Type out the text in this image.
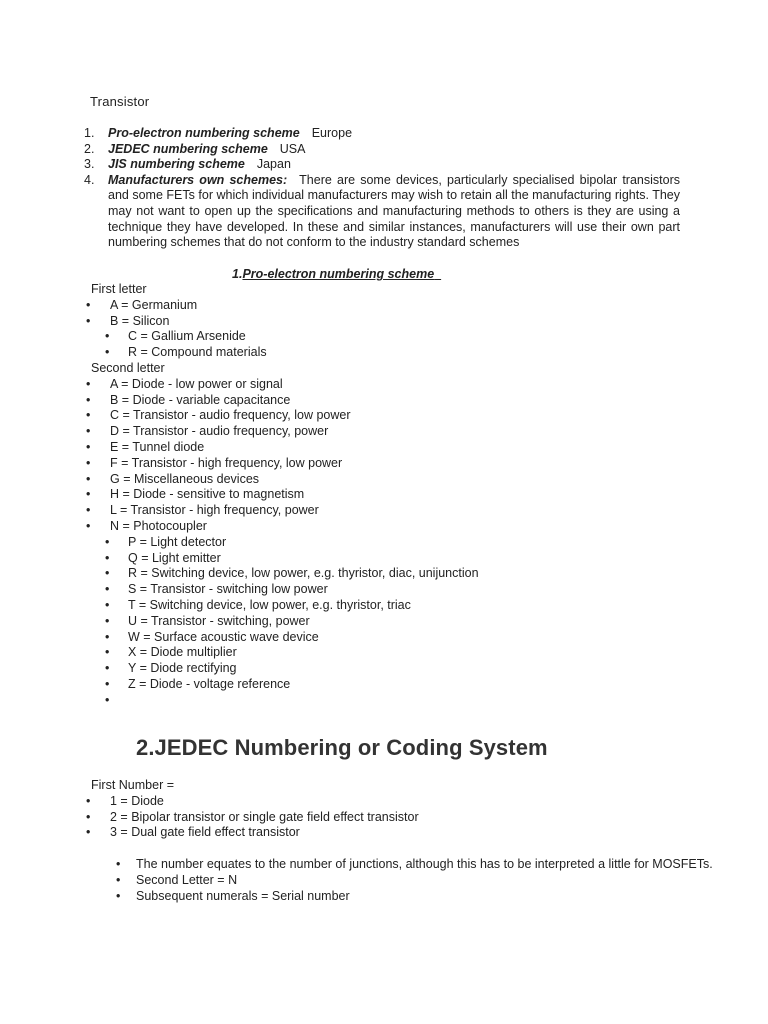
Transistor
1.	Pro-electron numbering scheme Europe
2.	JEDEC numbering scheme USA
3.	JIS numbering scheme Japan
4.	Manufacturers own schemes: There are some devices, particularly specialised bipolar transistors and some FETs for which individual manufacturers may wish to retain all the manufacturing rights. They may not want to open up the specifications and manufacturing methods to others is they are using a technique they have developed. In these and similar instances, manufacturers will use their own part numbering schemes that do not conform to the industry standard schemes
1.Pro-electron numbering scheme
First letter
• A = Germanium
• B = Silicon
• C = Gallium Arsenide
• R = Compound materials
Second letter
• A = Diode - low power or signal
• B = Diode - variable capacitance
• C = Transistor - audio frequency, low power
• D = Transistor - audio frequency, power
• E = Tunnel diode
• F = Transistor - high frequency, low power
• G = Miscellaneous devices
• H = Diode - sensitive to magnetism
• L = Transistor - high frequency, power
• N = Photocoupler
• P = Light detector
• Q = Light emitter
• R = Switching device, low power, e.g. thyristor, diac, unijunction
• S = Transistor - switching low power
• T = Switching device, low power, e.g. thyristor, triac
• U = Transistor - switching, power
• W = Surface acoustic wave device
• X = Diode multiplier
• Y = Diode rectifying
• Z = Diode - voltage reference
•
2.JEDEC Numbering or Coding System
First Number =
• 1 = Diode
• 2 = Bipolar transistor or single gate field effect transistor
• 3 = Dual gate field effect transistor
• The number equates to the number of junctions, although this has to be interpreted a little for MOSFETs.
• Second Letter = N
• Subsequent numerals = Serial number
